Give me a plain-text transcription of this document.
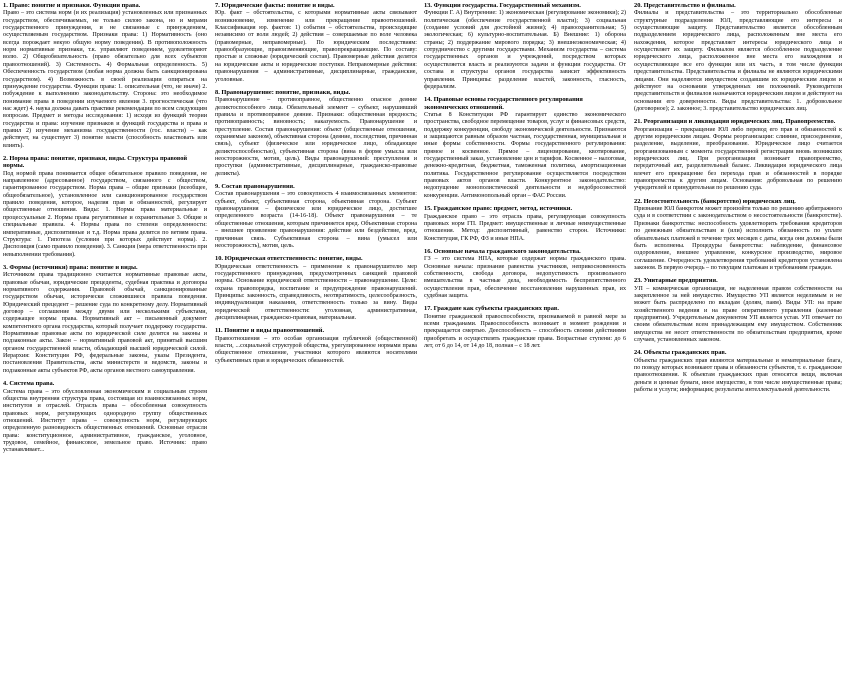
1. Право: понятие и признаки. Функции права.

Право – это система норм (и их реализация) установленных или признанных государством, обеспечиваемых, не только силою закона, но и мерами государственного принуждения, и не связанные с принуждением, осуществляемым государством. Признаки права: 1) Нормативность (оно всегда порождает некую общую норму поведения). В противоположность норм нормативные признаки, т.к. управляют поведением, удовлетворяют волю. 2) Общеобязательность (право обязательно для всех субъектов правоотношений). 3) Системность. 4) Формальная определенность. 5) Обеспеченность государством (любая норма должна быть санкционирована государством). 4) Возможность в своей реализации опираться на принуждение государства. Функции права: 1. описательная (что, не иначе) 2. побуждение к выполнению законодательству. Сторона: это необходимое понимание права в поведении изучаемого явления 3. прогностическая (что нас ждет) 4. наука должна давать практике рекомендации по всем следующим вопросам. Предмет и методы исследования: 1) исходя из функций теории государства и права: изучение признаков и функций государства и права и правил 2) изучение механизма государственности (гос. власти) – как действует, на существует 3) понятие власти (способность властвовать или влиять).

2. Норма права: понятие, признаки, виды. Структура правовой нормы.

Под нормой права понимается общее обязательное правило поведения, не направленное (адресованное) государством, связанного с обществом, гарантированное государством. Норма права – общие признаки (всеобщее, общеобязательное), установленное или санкционированное государством правило поведения, которое, наделяя прав и обязанностей, регулирует общественные отношения. Виды: 1. Нормы права материальные и процессуальные 2. Нормы права регулятивные и охранительные 3. Общие и специальные правила. 4. Нормы права по степени определенности: императивные, диспозитивные и т.д. Норма права делится по ветвям права. Структура: 1. Гипотеза (условия при которых действует норма). 2. Диспозиция (само правило поведения). 3. Санкция (мера ответственности при невыполнении требования).

3. Формы (источники) права: понятие и виды.

Источником права традиционно считается нормативные правовые акты, правовые обычаи, юридические прецеденты, судебная практика и договоры нормативного содержания. Правовой обычай, санкционированные государством обычаи, исторически сложившиеся правила поведения. Юридический прецедент – решение суда по конкретному делу. Нормативный договор – соглашение между двумя или несколькими субъектами, содержащее нормы права. Нормативный акт – письменный документ компетентного органа государства, который получает поддержку государства. Нормативные правовые акты по юридической силе делятся на законы и подзаконные акты. Закон – нормативный правовой акт, принятый высшим органом государственной власти, обладающий высшей юридической силой. Иерархия: Конституция РФ, федеральные законы, указы Президента, постановления Правительства, акты министерств и ведомств, законы и подзаконные акты субъектов РФ, акты органов местного самоуправления.

4. Система права.

Система права – это обусловленная экономическим и социальным строем общества внутренняя структура права, состоящая из взаимосвязанных норм, институтов и отраслей. Отрасль права – обособленная совокупность правовых норм, регулирующих однородную группу общественных отношений. Институт права – совокупность норм, регулирующих определенную разновидность общественных отношений. Основные отрасли права: конституционное, административное, гражданское, уголовное, трудовое, семейное, финансовое, земельное право. Источник: право устанавливает...

7. Юридические факты: понятие и виды.

Юр. факт – обстоятельства, с которыми нормативные акты связывают возникновение, изменение или прекращение правоотношений. Классификация юр. фактов: 1) события – обстоятельства, происходящие независимо от воли людей; 2) действия – совершаемые по воле человека (правомерные, неправомерные). По юридическим последствиям: правообразующие, правоизменяющие, правопрекращающие. По составу: простые и сложные (юридический состав). Правомерные действия делятся на юридические акты и юридические поступки. Неправомерные действия: правонарушения – административные, дисциплинарные, гражданские, уголовные.

8. Правонарушение: понятие, признаки, виды.

Правонарушение – противоправное, общественно опасное деяние деликтоспособного лица. Обязательный элемент – субъект, нарушивший правила и противоправное деяние. Признаки: общественная вредность; противоправность; виновность; наказуемость. Правонарушение и преступление. Состав правонарушения: объект (общественные отношения, охраняемые законом), объективная сторона (деяние, последствия, причинная связь), субъект (физическое или юридическое лицо, обладающее деликтоспособностью), субъективная сторона (вина в форме умысла или неосторожности, мотив, цель). Виды правонарушений: преступления и проступки (административные, дисциплинарные, гражданско-правовые деликты).

9. Состав правонарушения.

Состав правонарушения – это совокупность 4 взаимосвязанных элементов: субъект, объект, субъективная сторона, объективная сторона. Субъект правонарушения – физическое или юридическое лицо, достигшее определенного возраста (14-16-18). Объект правонарушения – те общественные отношения, которым причиняется вред. Объективная сторона – внешнее проявление правонарушения: действие или бездействие, вред, причинная связь. Субъективная сторона – вина (умысел или неосторожность), мотив, цель.

10. Юридическая ответственность: понятие, виды.

Юридическая ответственность – применение к правонарушителю мер государственного принуждения, предусмотренных санкцией правовой нормы. Основание юридической ответственности – правонарушение. Цели: охрана правопорядка, воспитание и предупреждение правонарушений. Принципы: законность, справедливость, неотвратимость, целесообразность, индивидуализация наказания, ответственность только за вину. Виды юридической ответственности: уголовная, административная, дисциплинарная, гражданско-правовая, материальная.

11. Понятие и виды правоотношений.

Правоотношения – это особая организация публичной (общественной) власти, ...социальной структурой общества, урегулированное нормами права общественное отношение, участники которого являются носителями субъективных прав и юридических обязанностей.

13. Функции государства. Государственный механизм.

Функции Г. А) Внутренние: 1) экономическая (регулирование экономики); 2) политическая (обеспечение государственной власти); 3) социальная (создание условий для достойной жизни); 4) правоохранительная; 5) экологическая; 6) культурно-воспитательная. Б) Внешние: 1) оборона страны; 2) поддержание мирового порядка; 3) внешнеэкономическая; 4) сотрудничество с другими государствами. Механизм государства – система государственных органов и учреждений, посредством которых осуществляется власть и реализуются задачи и функции государства. От состава и структуры органов государства зависит эффективность управления. Принципы: разделение властей, законность, гласность, федерализм.

14. Правовые основы государственного регулирования экономических отношений.

Статья 8 Конституции РФ гарантирует единство экономического пространства, свободное перемещение товаров, услуг и финансовых средств, поддержку конкуренции, свободу экономической деятельности. Признаются и защищаются равным образом частная, государственная, муниципальная и иные формы собственности. Формы государственного регулирования: прямое и косвенное. Прямое – лицензирование, квотирование, государственный заказ, установление цен и тарифов. Косвенное – налоговая, денежно-кредитная, бюджетная, таможенная политика, амортизационная политика. Государственное регулирование осуществляется посредством правовых актов органов власти. Конкурентное законодательство: недопущение монополистической деятельности и недобросовестной конкуренции. Антимонопольный орган – ФАС России.

15. Гражданское право: предмет, метод, источники.

Гражданское право – это отрасль права, регулирующая совокупность правовых норм ГП. Предмет: имущественные и личные неимущественные отношения. Метод: диспозитивный, равенство сторон. Источники: Конституция, ГК РФ, ФЗ и иные НПА.

16. Основные начала гражданского законодательства.

ГЗ – это система НПА, которые содержат нормы гражданского права. Основные начала: признание равенства участников, неприкосновенность собственности, свобода договора, недопустимость произвольного вмешательства в частные дела, необходимость беспрепятственного осуществления прав, обеспечение восстановления нарушенных прав, их судебная защита.

17. Граждане как субъекты гражданских прав.

Понятие гражданской правоспособности, признаваемой в равной мере за всеми гражданами. Правоспособность возникает в момент рождения и прекращается смертью. Дееспособность – способность своими действиями приобретать и осуществлять гражданские права. Возрастные ступени: до 6 лет, от 6 до 14, от 14 до 18, полная – с 18 лет.

20. Представительство и филиалы.

Филиалы и представительства – это территориально обособленные структурные подразделения ЮЛ, представляющие его интересы и осуществляющие защиту. Представительство является обособленным подразделением юридического лица, расположенным вне места его нахождения, которое представляет интересы юридического лица и осуществляет их защиту. Филиалом является обособленное подразделение юридического лица, расположенное вне места его нахождения и осуществляющее все его функции или их часть, в том числе функции представительства. Представительства и филиалы не являются юридическими лицами. Они наделяются имуществом создавшим их юридическим лицом и действуют на основании утвержденных им положений. Руководители представительств и филиалов назначаются юридическим лицом и действуют на основании его доверенности. Виды представительства: 1. добровольное (договорное); 2. законное; 3. представительство юридических лиц.

21. Реорганизация и ликвидация юридических лиц. Правопреемство.

Реорганизация – прекращение ЮЛ либо перевод его прав и обязанностей к другим юридическим лицам. Формы реорганизации: слияние, присоединение, разделение, выделение, преобразование. Юридическое лицо считается реорганизованным с момента государственной регистрации вновь возникших юридических лиц. При реорганизации возникает правопреемство, передаточный акт, разделительный баланс. Ликвидация юридического лица влечет его прекращение без перехода прав и обязанностей в порядке правопреемства к другим лицам. Основания: добровольная по решению учредителей и принудительная по решению суда.

22. Несостоятельность (банкротство) юридических лиц.

Признание ЮЛ банкротом может произойти только по решению арбитражного суда и в соответствии с законодательством о несостоятельности (банкротстве). Признаки банкротства: неспособность удовлетворить требования кредиторов по денежным обязательствам и (или) исполнить обязанность по уплате обязательных платежей в течение трех месяцев с даты, когда они должны были быть исполнены. Процедуры банкротства: наблюдение, финансовое оздоровление, внешнее управление, конкурсное производство, мировое соглашение. Очередность удовлетворения требований кредиторов установлена законом. В первую очередь – по текущим платежам и требованиям граждан.

23. Унитарные предприятия.

УП – коммерческая организация, не наделенная правом собственности на закрепленное за ней имущество. Имущество УП является неделимым и не может быть распределено по вкладам (долям, паям). Виды УП: на праве хозяйственного ведения и на праве оперативного управления (казенные предприятия). Учредительным документом УП является устав. УП отвечает по своим обязательствам всем принадлежащим ему имуществом. Собственник имущества не несет ответственности по обязательствам предприятия, кроме случаев, установленных законом.

24. Объекты гражданских прав.

Объекты гражданских прав являются материальные и нематериальные блага, по поводу которых возникают права и обязанности субъектов, т. е. гражданские правоотношения. К объектам гражданских прав относятся вещи, включая деньги и ценные бумаги, иное имущество, в том числе имущественные права; работы и услуги; информация; результаты интеллектуальной деятельности.
